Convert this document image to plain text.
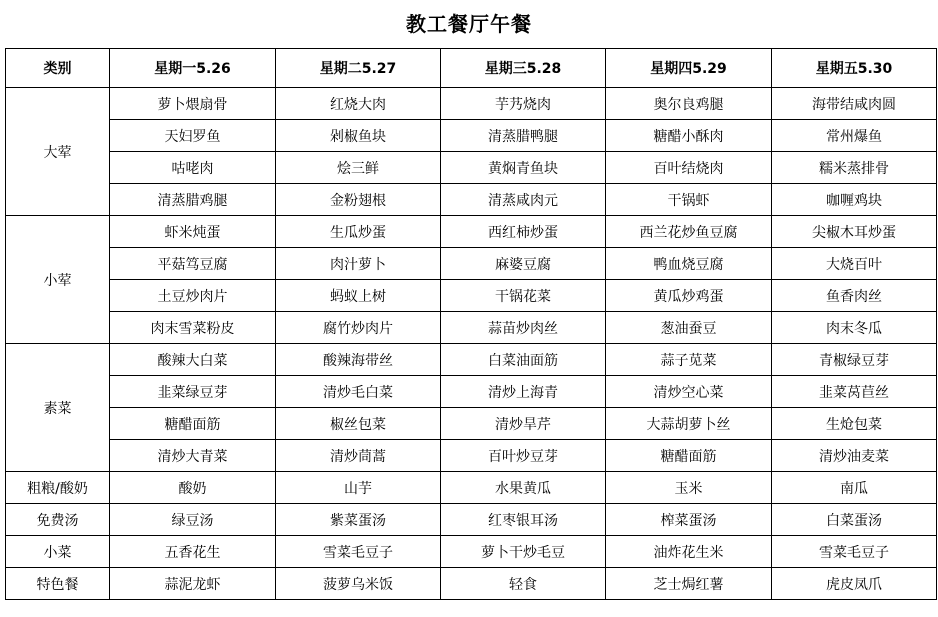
教工餐厅午餐
类别	星期一5.26	星期二5.27	星期三5.28	星期四5.29	星期五5.30
大荤	萝卜煨扇骨	红烧大肉	芋艿烧肉	奥尔良鸡腿	海带结咸肉圆
	天妇罗鱼	剁椒鱼块	清蒸腊鸭腿	糖醋小酥肉	常州爆鱼
	咕咾肉	烩三鲜	黄焖青鱼块	百叶结烧肉	糯米蒸排骨
	清蒸腊鸡腿	金粉翅根	清蒸咸肉元	干锅虾	咖喱鸡块
小荤	虾米炖蛋	生瓜炒蛋	西红柿炒蛋	西兰花炒鱼豆腐	尖椒木耳炒蛋
	平菇笃豆腐	肉汁萝卜	麻婆豆腐	鸭血烧豆腐	大烧百叶
	土豆炒肉片	蚂蚁上树	干锅花菜	黄瓜炒鸡蛋	鱼香肉丝
	肉末雪菜粉皮	腐竹炒肉片	蒜苗炒肉丝	葱油蚕豆	肉末冬瓜
素菜	酸辣大白菜	酸辣海带丝	白菜油面筋	蒜子苋菜	青椒绿豆芽
	韭菜绿豆芽	清炒毛白菜	清炒上海青	清炒空心菜	韭菜莴苣丝
	糖醋面筋	椒丝包菜	清炒旱芹	大蒜胡萝卜丝	生炝包菜
	清炒大青菜	清炒茼蒿	百叶炒豆芽	糖醋面筋	清炒油麦菜
粗粮/酸奶	酸奶	山芋	水果黄瓜	玉米	南瓜
免费汤	绿豆汤	紫菜蛋汤	红枣银耳汤	榨菜蛋汤	白菜蛋汤
小菜	五香花生	雪菜毛豆子	萝卜干炒毛豆	油炸花生米	雪菜毛豆子
特色餐	蒜泥龙虾	菠萝乌米饭	轻食	芝士焗红薯	虎皮凤爪
